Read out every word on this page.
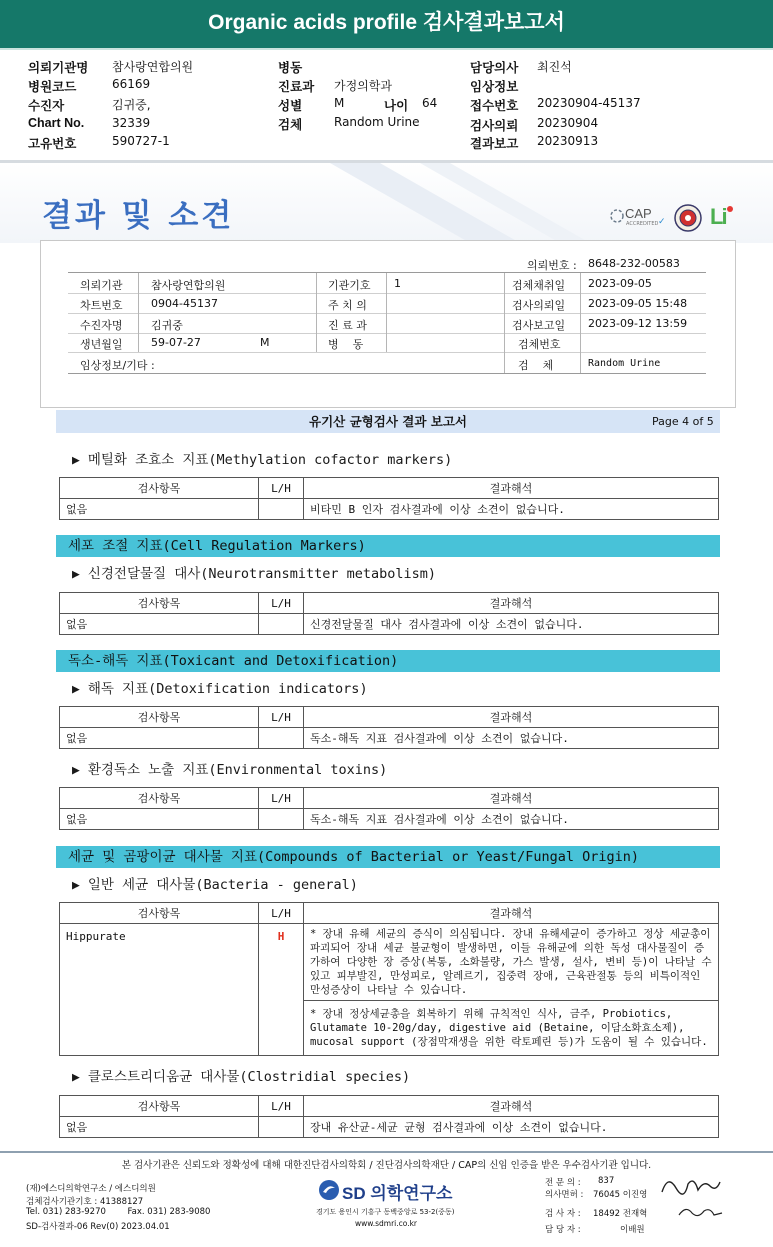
Organic acids profile 검사결과보고서
의뢰기관명 참사랑연합의원
병원코드	66169
수진자	김귀중,
Chart No. 32339
고유번호	590727-1
병동
진료과 가정의학과
성별	M	나이 64
검체	Random Urine
담당의사 최진석
임상정보
접수번호 20230904-45137
검사의뢰 20230904
결과보고 20230913
결과 및 소견	CAP
ACCREDITED ✓ Li
의뢰번호 : 8648-232-00583
의뢰기관	참사랑연합의원	기관기호 1	검체채취일 2023-09-05
차트번호	0904-45137	주 치 의	검사의뢰일 2023-09-05 15:48
수진자명	김귀중	진 료 과	검사보고일 2023-09-12 13:59
생년월일	59-07-27	M	병    동	검체번호
임상정보/기타 :	검    체	Random Urine
유기산 균형검사 결과 보고서	Page 4 of 5
▶ 메틸화 조효소 지표(Methylation cofactor markers)
검사항목	L/H	결과해석
없음		비타민 B 인자 검사결과에 이상 소견이 없습니다.
세포 조절 지표(Cell Regulation Markers)
▶ 신경전달물질 대사(Neurotransmitter metabolism)
검사항목	L/H	결과해석
없음		신경전달물질 대사 검사결과에 이상 소견이 없습니다.
독소-해독 지표(Toxicant and Detoxification)
▶ 해독 지표(Detoxification indicators)
검사항목	L/H	결과해석
없음		독소-해독 지표 검사결과에 이상 소견이 없습니다.
▶ 환경독소 노출 지표(Environmental toxins)
검사항목	L/H	결과해석
없음		독소-해독 지표 검사결과에 이상 소견이 없습니다.
세균 및 곰팡이균 대사물 지표(Compounds of Bacterial or Yeast/Fungal Origin)
▶ 일반 세균 대사물(Bacteria - general)
검사항목	L/H	결과해석
Hippurate	H	* 장내 유해 세균의 증식이 의심됩니다. 장내 유해세균이 증가하고 정상 세균총이 파괴되어 장내 세균 불균형이 발생하면, 이들 유해균에 의한 독성 대사물질이 증가하여 다양한 장 증상(복통, 소화불량, 가스 발생, 설사, 변비 등)이 나타날 수 있고 피부발진, 만성피로, 알레르기, 집중력 장애, 근육관절통 등의 비특이적인 만성증상이 나타날 수 있습니다.
		* 장내 정상세균총을 회복하기 위해 규칙적인 식사, 금주, Probiotics, Glutamate 10-20g/day, digestive aid (Betaine, 이담소화효소제), mucosal support (장점막재생을 위한 락토페린 등)가 도움이 될 수 있습니다.
▶ 클로스트리디움균 대사물(Clostridial species)
검사항목	L/H	결과해석
없음		장내 유산균-세균 균형 검사결과에 이상 소견이 없습니다.
본 검사기관은 신뢰도와 정확성에 대해 대한진단검사의학회 / 진단검사의학재단 / CAP의 신임 인증을 받은 우수검사기관 입니다.
(재)에스디의학연구소 / 에스디의원
검체검사기관기호 : 41388127
Tel. 031) 283-9270        Fax. 031) 283-9080
SD-검사결과-06 Rev(0) 2023.04.01
SD 의학연구소
경기도 용인시 기흥구 동백중앙로 53-2(중동)
www.sdmri.co.kr
전 문 의 : 837
의사면허 : 76045 이진영
검 사 자 : 18492 전재혁
담 당 자 :	이배원
